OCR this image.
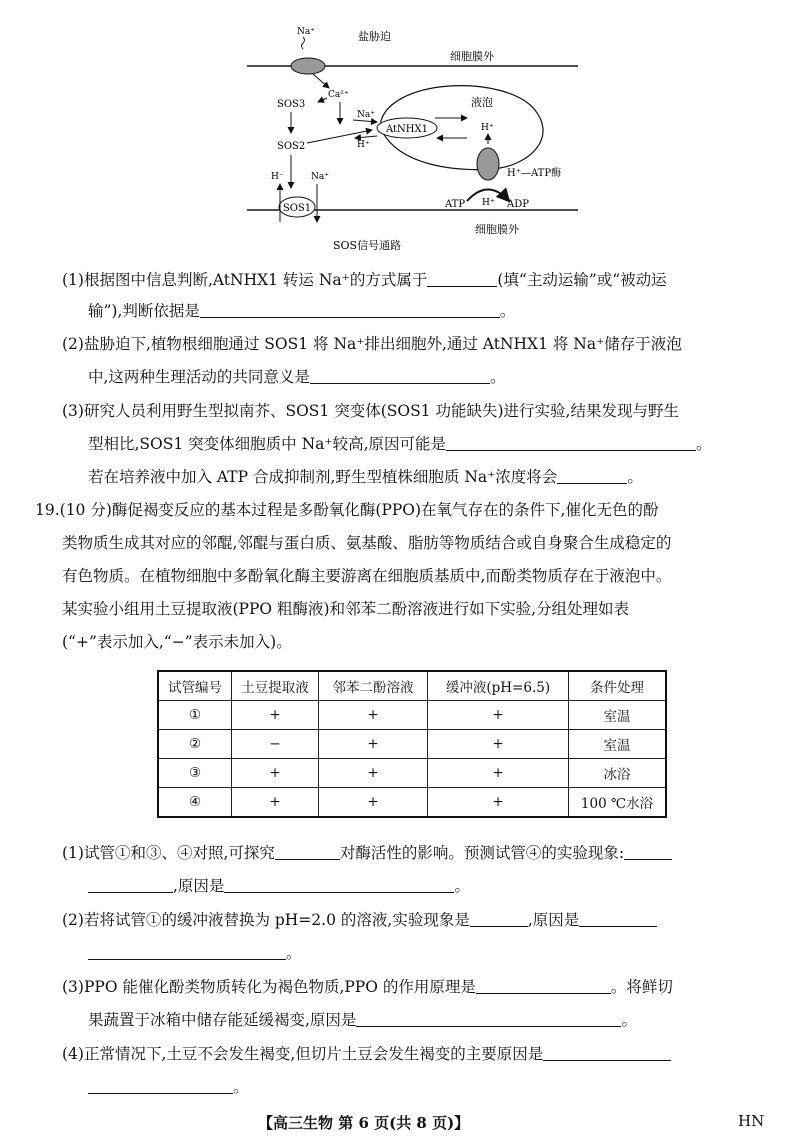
Na⁺	盐胁迫
细胞膜外
Ca²⁺
SOS3
SOS2
液泡
AtNHX1
Na⁺
H⁺
H⁺
H⁺—ATP酶
ATP H⁺ ADP
SOS1
H⁻	Na⁺
细胞膜外
SOS信号通路
(1)根据图中信息判断,AtNHX1 转运 Na⁺的方式属于	(填“主动运输”或“被动运
输”),判断依据是	。
(2)盐胁迫下,植物根细胞通过 SOS1 将 Na⁺排出细胞外,通过 AtNHX1 将 Na⁺储存于液泡
中,这两种生理活动的共同意义是	。
(3)研究人员利用野生型拟南芥、SOS1 突变体(SOS1 功能缺失)进行实验,结果发现与野生
型相比,SOS1 突变体细胞质中 Na⁺较高,原因可能是	。
若在培养液中加入 ATP 合成抑制剂,野生型植株细胞质 Na⁺浓度将会	。
19.(10 分)酶促褐变反应的基本过程是多酚氧化酶(PPO)在氧气存在的条件下,催化无色的酚
类物质生成其对应的邻醌,邻醌与蛋白质、氨基酸、脂肪等物质结合或自身聚合生成稳定的
有色物质。在植物细胞中多酚氧化酶主要游离在细胞质基质中,而酚类物质存在于液泡中。
某实验小组用土豆提取液(PPO 粗酶液)和邻苯二酚溶液进行如下实验,分组处理如表
(“+”表示加入,“−”表示未加入)。
试管编号	土豆提取液	邻苯二酚溶液	缓冲液(pH=6.5)	条件处理
①	+	+	+	室温
②	−	+	+	室温
③	+	+	+	冰浴
④	+	+	+	100 ℃水浴
(1)试管①和③、④对照,可探究	对酶活性的影响。预测试管④的实验现象:
,原因是	。
(2)若将试管①的缓冲液替换为 pH=2.0 的溶液,实验现象是	,原因是
。
(3)PPO 能催化酚类物质转化为褐色物质,PPO 的作用原理是	。将鲜切
果蔬置于冰箱中储存能延缓褐变,原因是	。
(4)正常情况下,土豆不会发生褐变,但切片土豆会发生褐变的主要原因是
。
【高三生物 第 6 页(共 8 页)】	HN
